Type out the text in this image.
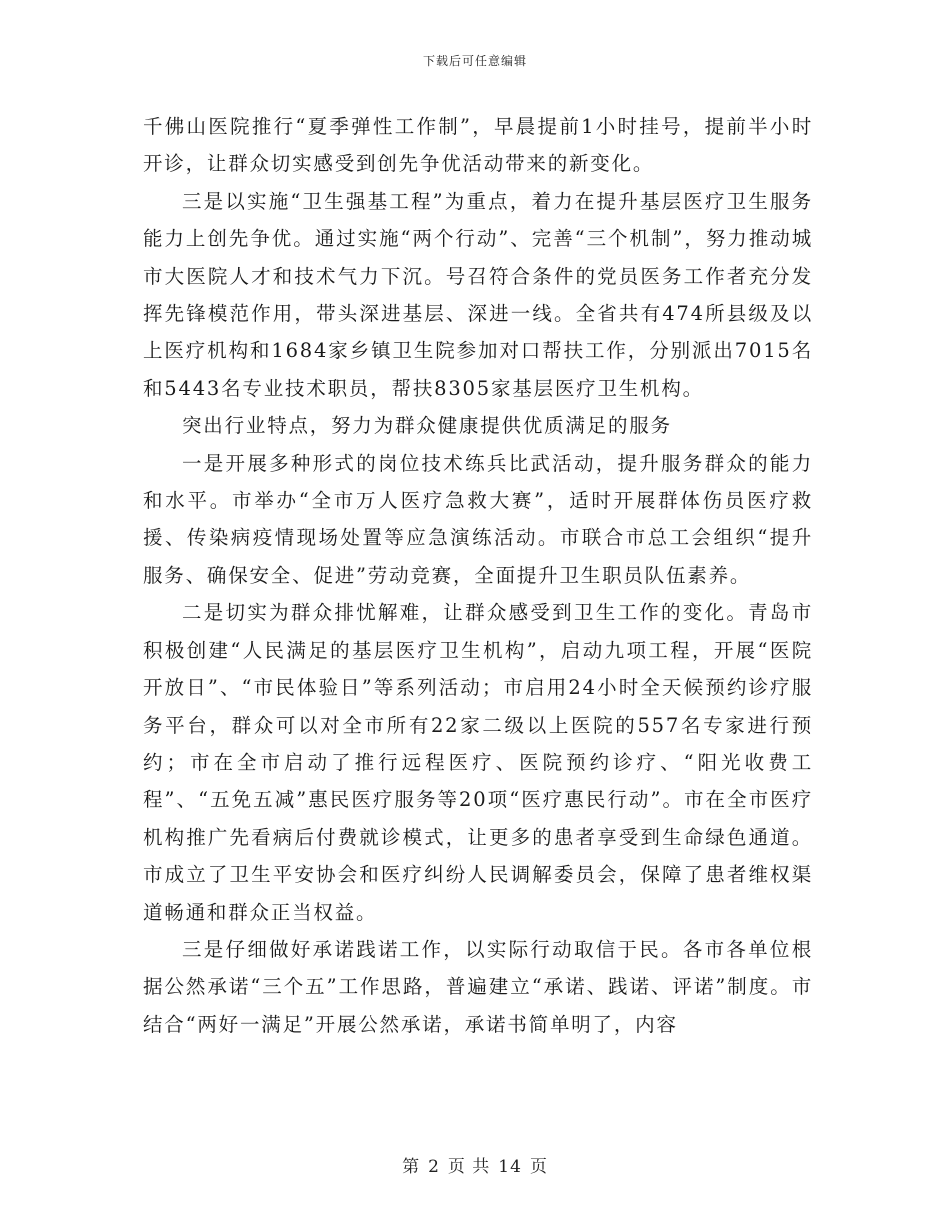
下载后可任意编辑

千佛山医院推行“夏季弹性工作制”，早晨提前1小时挂号，提前半小时开诊，让群众切实感受到创先争优活动带来的新变化。

三是以实施“卫生强基工程”为重点，着力在提升基层医疗卫生服务能力上创先争优。通过实施“两个行动”、完善“三个机制”，努力推动城市大医院人才和技术气力下沉。号召符合条件的党员医务工作者充分发挥先锋模范作用，带头深进基层、深进一线。全省共有474所县级及以上医疗机构和1684家乡镇卫生院参加对口帮扶工作，分别派出7015名和5443名专业技术职员，帮扶8305家基层医疗卫生机构。

突出行业特点，努力为群众健康提供优质满足的服务

一是开展多种形式的岗位技术练兵比武活动，提升服务群众的能力和水平。市举办“全市万人医疗急救大赛”，适时开展群体伤员医疗救援、传染病疫情现场处置等应急演练活动。市联合市总工会组织“提升服务、确保安全、促进”劳动竞赛，全面提升卫生职员队伍素养。

二是切实为群众排忧解难，让群众感受到卫生工作的变化。青岛市积极创建“人民满足的基层医疗卫生机构”，启动九项工程，开展“医院开放日”、“市民体验日”等系列活动；市启用24小时全天候预约诊疗服务平台，群众可以对全市所有22家二级以上医院的557名专家进行预约；市在全市启动了推行远程医疗、医院预约诊疗、“阳光收费工程”、“五免五减”惠民医疗服务等20项“医疗惠民行动”。市在全市医疗机构推广先看病后付费就诊模式，让更多的患者享受到生命绿色通道。市成立了卫生平安协会和医疗纠纷人民调解委员会，保障了患者维权渠道畅通和群众正当权益。

三是仔细做好承诺践诺工作，以实际行动取信于民。各市各单位根据公然承诺“三个五”工作思路，普遍建立“承诺、践诺、评诺”制度。市结合“两好一满足”开展公然承诺，承诺书简单明了，内容

第 2 页 共 14 页
